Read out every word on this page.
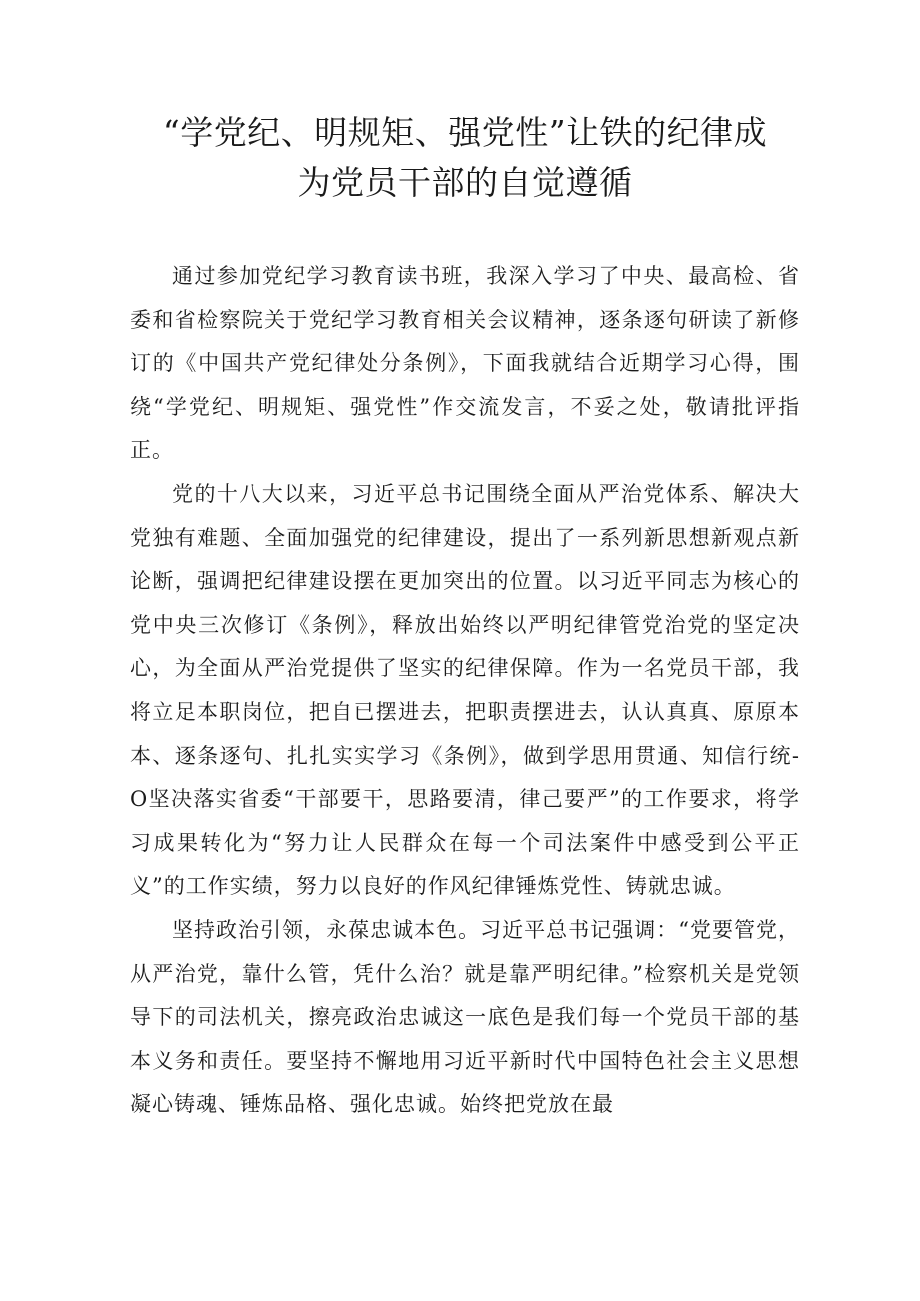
“学党纪、明规矩、强党性”让铁的纪律成
为党员干部的自觉遵循

通过参加党纪学习教育读书班，我深入学习了中央、最高检、省委和省检察院关于党纪学习教育相关会议精神，逐条逐句研读了新修订的《中国共产党纪律处分条例》，下面我就结合近期学习心得，围绕“学党纪、明规矩、强党性”作交流发言，不妥之处，敬请批评指正。

党的十八大以来，习近平总书记围绕全面从严治党体系、解决大党独有难题、全面加强党的纪律建设，提出了一系列新思想新观点新论断，强调把纪律建设摆在更加突出的位置。以习近平同志为核心的党中央三次修订《条例》，释放出始终以严明纪律管党治党的坚定决心，为全面从严治党提供了坚实的纪律保障。作为一名党员干部，我将立足本职岗位，把自已摆进去，把职责摆进去，认认真真、原原本本、逐条逐句、扎扎实实学习《条例》，做到学思用贯通、知信行统-O坚决落实省委“干部要干，思路要清，律己要严”的工作要求，将学习成果转化为“努力让人民群众在每一个司法案件中感受到公平正义”的工作实绩，努力以良好的作风纪律锤炼党性、铸就忠诚。

坚持政治引领，永葆忠诚本色。习近平总书记强调：“党要管党，从严治党，靠什么管，凭什么治？就是靠严明纪律。”检察机关是党领导下的司法机关，擦亮政治忠诚这一底色是我们每一个党员干部的基本义务和责任。要坚持不懈地用习近平新时代中国特色社会主义思想凝心铸魂、锤炼品格、强化忠诚。始终把党放在最
